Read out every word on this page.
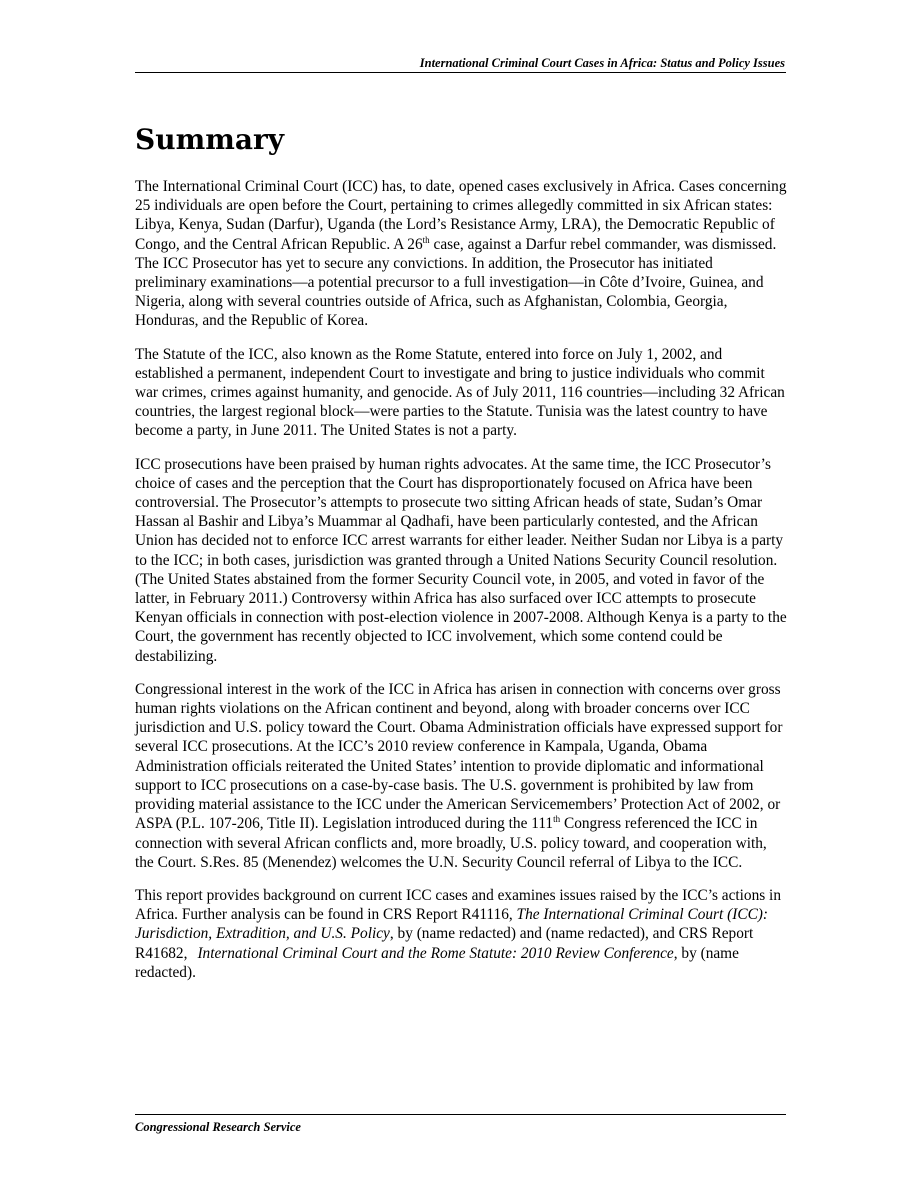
International Criminal Court Cases in Africa: Status and Policy Issues
Summary

The International Criminal Court (ICC) has, to date, opened cases exclusively in Africa. Cases concerning 25 individuals are open before the Court, pertaining to crimes allegedly committed in six African states: Libya, Kenya, Sudan (Darfur), Uganda (the Lord’s Resistance Army, LRA), the Democratic Republic of Congo, and the Central African Republic. A 26th case, against a Darfur rebel commander, was dismissed. The ICC Prosecutor has yet to secure any convictions. In addition, the Prosecutor has initiated preliminary examinations—a potential precursor to a full investigation—in Côte d’Ivoire, Guinea, and Nigeria, along with several countries outside of Africa, such as Afghanistan, Colombia, Georgia, Honduras, and the Republic of Korea.

The Statute of the ICC, also known as the Rome Statute, entered into force on July 1, 2002, and established a permanent, independent Court to investigate and bring to justice individuals who commit war crimes, crimes against humanity, and genocide. As of July 2011, 116 countries—including 32 African countries, the largest regional block—were parties to the Statute. Tunisia was the latest country to have become a party, in June 2011. The United States is not a party.

ICC prosecutions have been praised by human rights advocates. At the same time, the ICC Prosecutor’s choice of cases and the perception that the Court has disproportionately focused on Africa have been controversial. The Prosecutor’s attempts to prosecute two sitting African heads of state, Sudan’s Omar Hassan al Bashir and Libya’s Muammar al Qadhafi, have been particularly contested, and the African Union has decided not to enforce ICC arrest warrants for either leader. Neither Sudan nor Libya is a party to the ICC; in both cases, jurisdiction was granted through a United Nations Security Council resolution. (The United States abstained from the former Security Council vote, in 2005, and voted in favor of the latter, in February 2011.) Controversy within Africa has also surfaced over ICC attempts to prosecute Kenyan officials in connection with post-election violence in 2007-2008. Although Kenya is a party to the Court, the government has recently objected to ICC involvement, which some contend could be destabilizing.

Congressional interest in the work of the ICC in Africa has arisen in connection with concerns over gross human rights violations on the African continent and beyond, along with broader concerns over ICC jurisdiction and U.S. policy toward the Court. Obama Administration officials have expressed support for several ICC prosecutions. At the ICC’s 2010 review conference in Kampala, Uganda, Obama Administration officials reiterated the United States’ intention to provide diplomatic and informational support to ICC prosecutions on a case-by-case basis. The U.S. government is prohibited by law from providing material assistance to the ICC under the American Servicemembers’ Protection Act of 2002, or ASPA (P.L. 107-206, Title II). Legislation introduced during the 111th Congress referenced the ICC in connection with several African conflicts and, more broadly, U.S. policy toward, and cooperation with, the Court. S.Res. 85 (Menendez) welcomes the U.N. Security Council referral of Libya to the ICC.

This report provides background on current ICC cases and examines issues raised by the ICC’s actions in Africa. Further analysis can be found in CRS Report R41116, The International Criminal Court (ICC): Jurisdiction, Extradition, and U.S. Policy, by (name redacted) and (name redacted), and CRS Report R41682, International Criminal Court and the Rome Statute: 2010 Review Conference, by (name redacted).

Congressional Research Service
